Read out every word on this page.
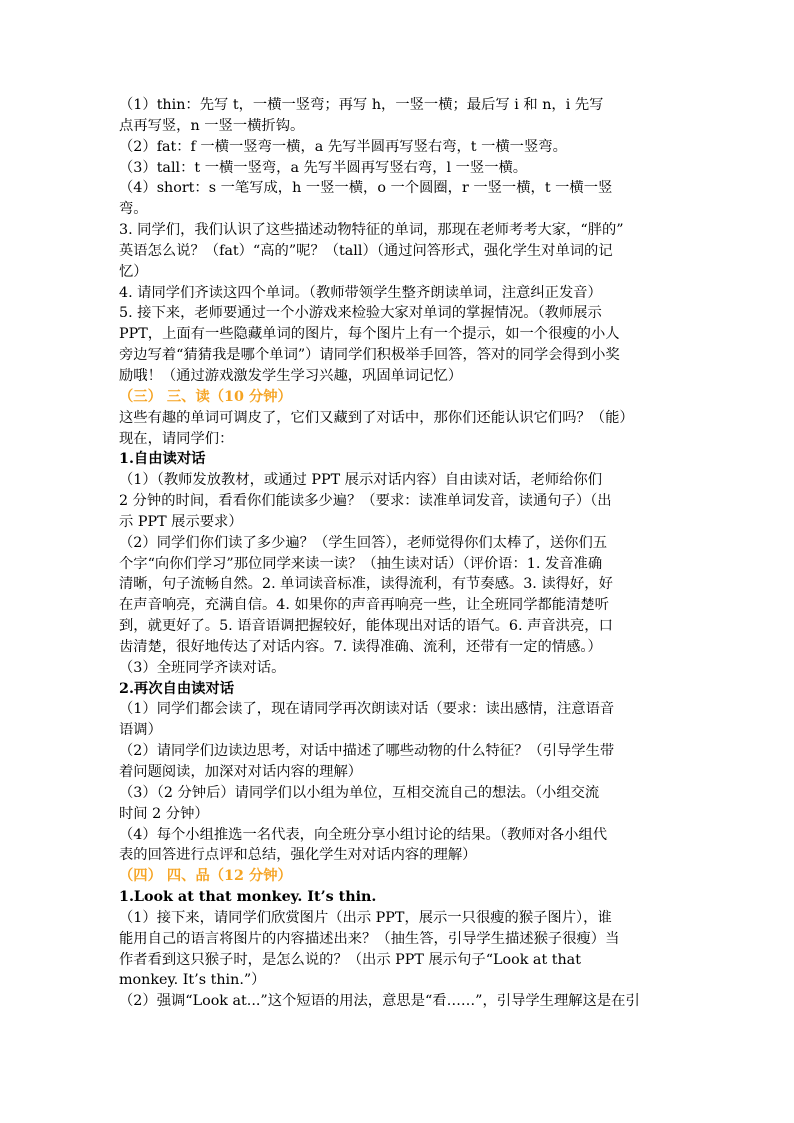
（1）thin：先写 t，一横一竖弯；再写 h，一竖一横；最后写 i 和 n，i 先写
点再写竖，n 一竖一横折钩。
（2）fat：f 一横一竖弯一横，a 先写半圆再写竖右弯，t 一横一竖弯。
（3）tall：t 一横一竖弯，a 先写半圆再写竖右弯，l 一竖一横。
（4）short：s 一笔写成，h 一竖一横，o 一个圆圈，r 一竖一横，t 一横一竖
弯。
3. 同学们，我们认识了这些描述动物特征的单词，那现在老师考考大家，“胖的”
英语怎么说？（fat）“高的”呢？（tall）（通过问答形式，强化学生对单词的记
忆）
4. 请同学们齐读这四个单词。（教师带领学生整齐朗读单词，注意纠正发音）
5. 接下来，老师要通过一个小游戏来检验大家对单词的掌握情况。（教师展示
PPT，上面有一些隐藏单词的图片，每个图片上有一个提示，如一个很瘦的小人
旁边写着“猜猜我是哪个单词”）请同学们积极举手回答，答对的同学会得到小奖
励哦！（通过游戏激发学生学习兴趣，巩固单词记忆）
（三） 三、读（10 分钟）
这些有趣的单词可调皮了，它们又藏到了对话中，那你们还能认识它们吗？（能）
现在，请同学们：
1.自由读对话
（1）（教师发放教材，或通过 PPT 展示对话内容）自由读对话，老师给你们
2 分钟的时间，看看你们能读多少遍？（要求：读准单词发音，读通句子）（出
示 PPT 展示要求）
（2）同学们你们读了多少遍？（学生回答），老师觉得你们太棒了，送你们五
个字“向你们学习”那位同学来读一读？（抽生读对话）（评价语：1. 发音准确
清晰，句子流畅自然。2. 单词读音标准，读得流利，有节奏感。3. 读得好，好
在声音响亮，充满自信。4. 如果你的声音再响亮一些，让全班同学都能清楚听
到，就更好了。5. 语音语调把握较好，能体现出对话的语气。6. 声音洪亮，口
齿清楚，很好地传达了对话内容。7. 读得准确、流利，还带有一定的情感。）
（3）全班同学齐读对话。
2.再次自由读对话
（1）同学们都会读了，现在请同学再次朗读对话（要求：读出感情，注意语音
语调）
（2）请同学们边读边思考，对话中描述了哪些动物的什么特征？（引导学生带
着问题阅读，加深对对话内容的理解）
（3）（2 分钟后）请同学们以小组为单位，互相交流自己的想法。（小组交流
时间 2 分钟）
（4）每个小组推选一名代表，向全班分享小组讨论的结果。（教师对各小组代
表的回答进行点评和总结，强化学生对对话内容的理解）
（四） 四、品（12 分钟）
1.Look at that monkey. It’s thin.
（1）接下来，请同学们欣赏图片（出示 PPT，展示一只很瘦的猴子图片），谁
能用自己的语言将图片的内容描述出来？（抽生答，引导学生描述猴子很瘦）当
作者看到这只猴子时，是怎么说的？（出示 PPT 展示句子“Look at that
monkey. It’s thin.”）
（2）强调“Look at...”这个短语的用法，意思是“看……”，引导学生理解这是在引
